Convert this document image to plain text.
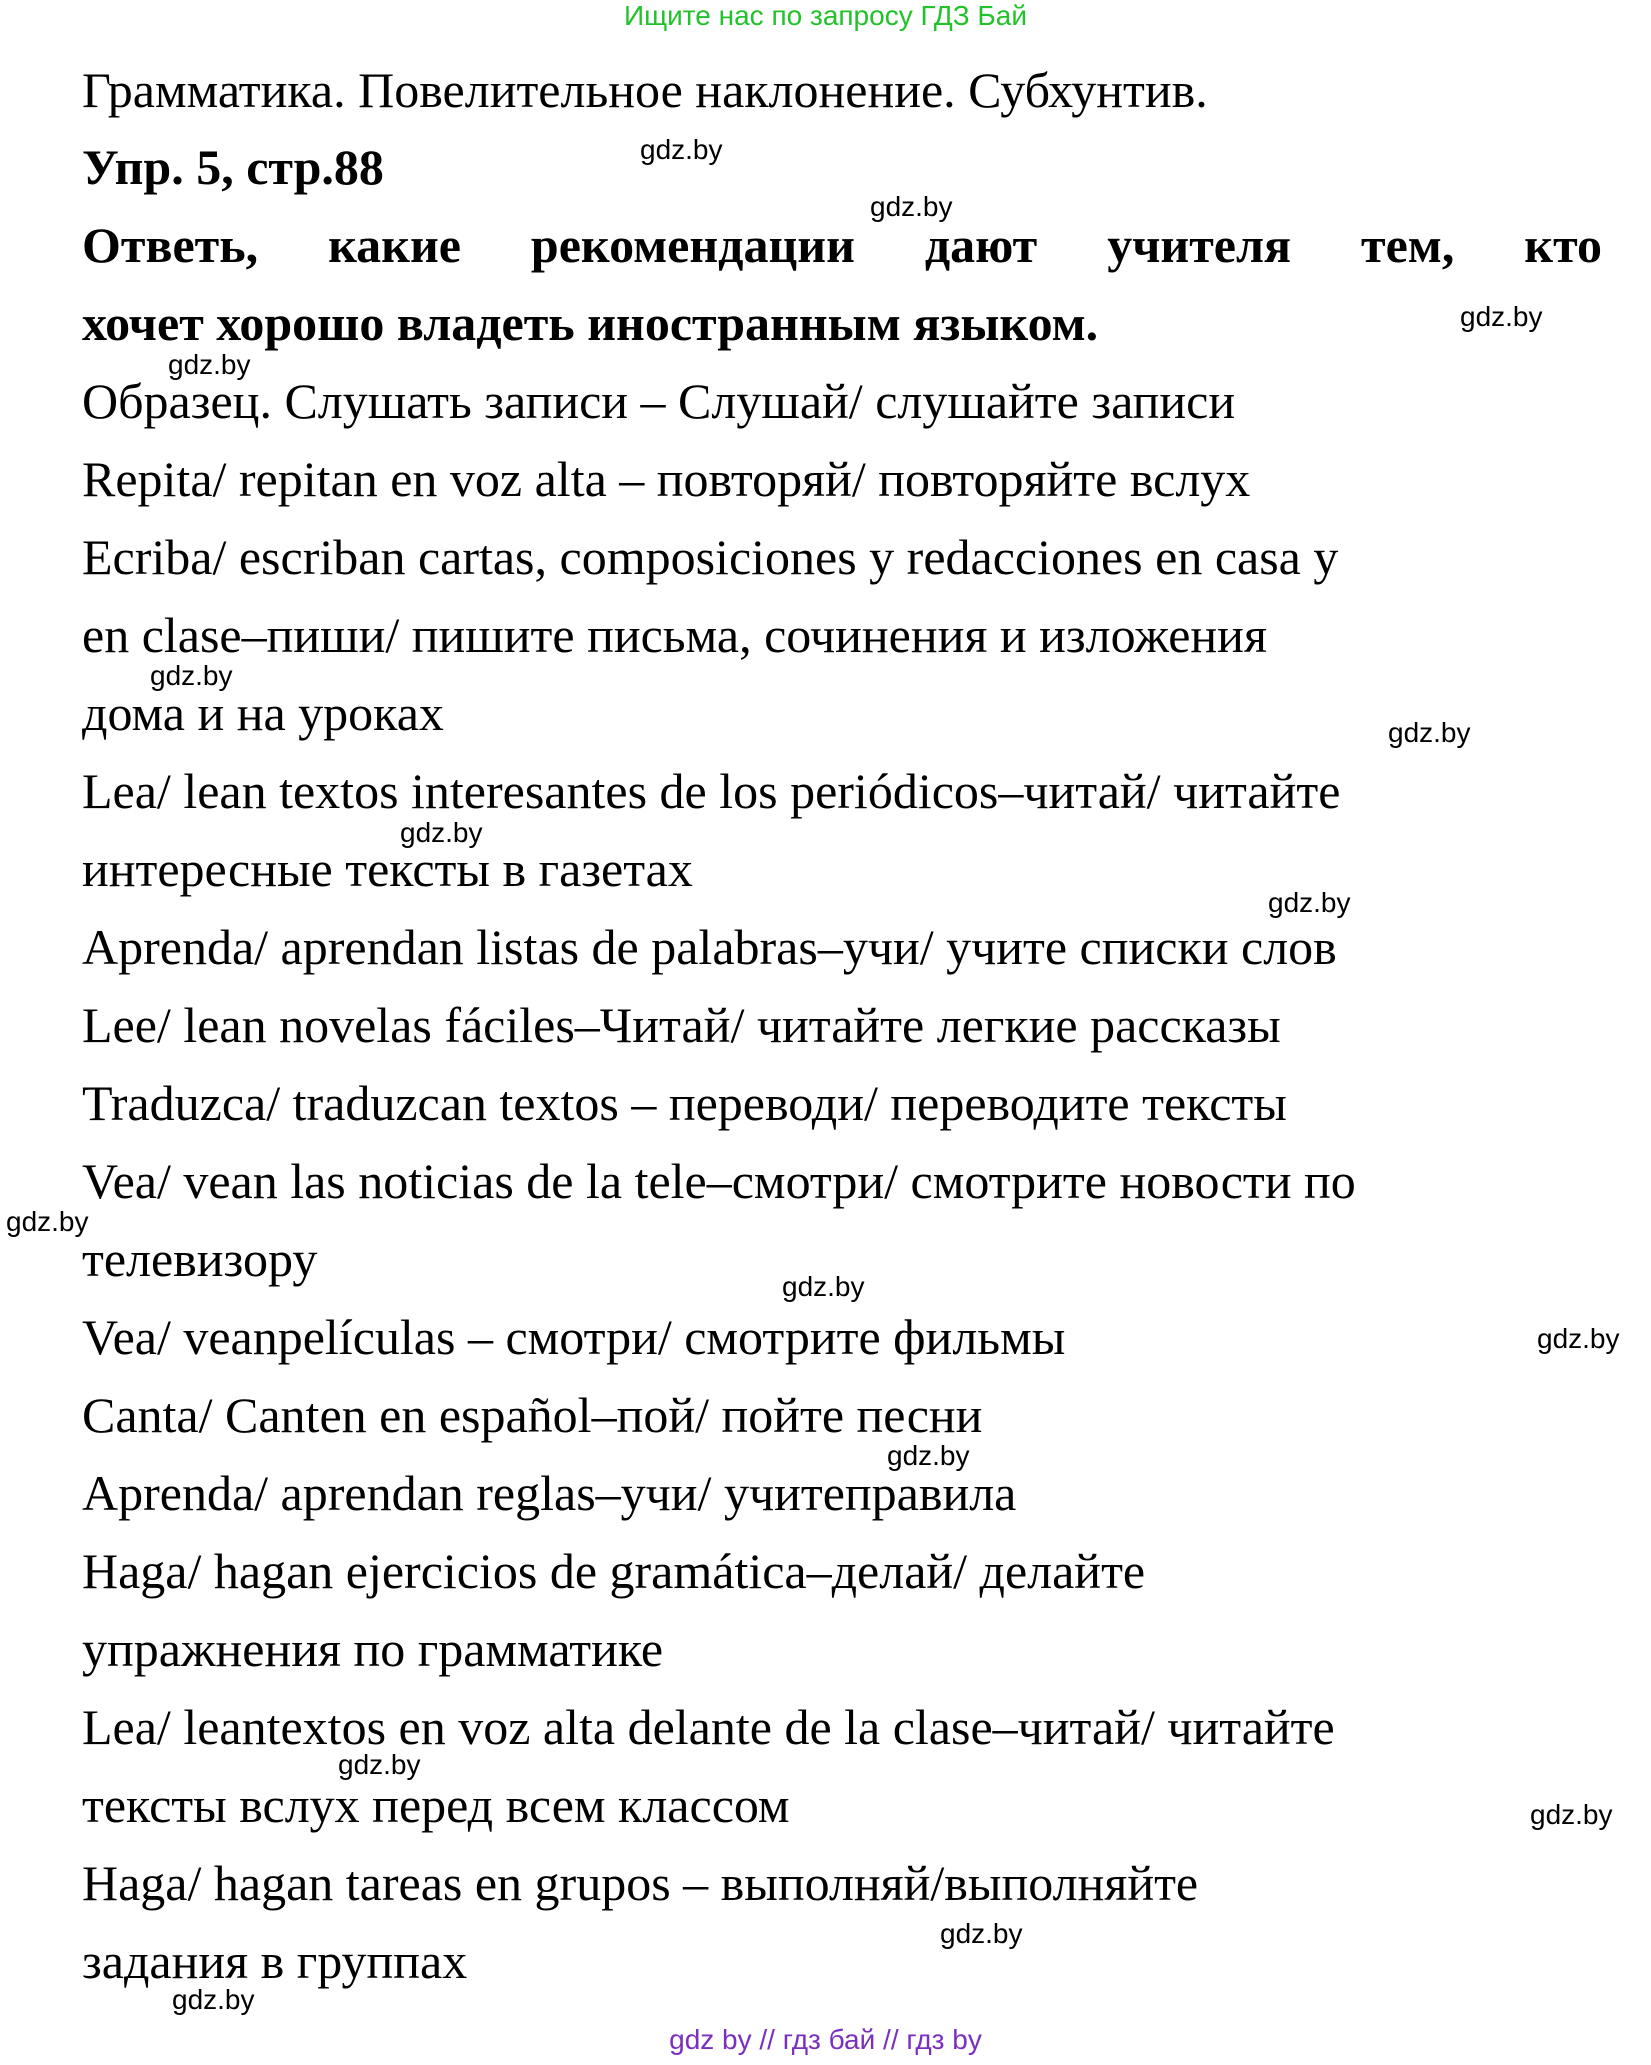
Ищите нас по запросу ГДЗ Бай
Грамматика. Повелительное наклонение. Субхунтив.
Упр. 5, стр.88
Ответь, какие рекомендации дают учителя тем, кто
хочет хорошо владеть иностранным языком.
Образец. Слушать записи – Слушай/ слушайте записи
Repita/ repitan en voz alta – повторяй/ повторяйте вслух
Ecriba/ escriban cartas, composiciones y redacciones en casa y
en clase–пиши/ пишите письма, сочинения и изложения
дома и на уроках
Lea/ lean textos interesantes de los periódicos–читай/ читайте
интересные тексты в газетах
Aprenda/ aprendan listas de palabras–учи/ учите списки слов
Lee/ lean novelas fáciles–Читай/ читайте легкие рассказы
Traduzca/ traduzcan textos – переводи/ переводите тексты
Vea/ vean las noticias de la tele–смотри/ смотрите новости по
телевизору
Vea/ veanpelículas – смотри/ смотрите фильмы
Canta/ Canten en español–пой/ пойте песни
Aprenda/ aprendan reglas–учи/ учитеправила
Haga/ hagan ejercicios de gramática–делай/ делайте
упражнения по грамматике
Lea/ leantextos en voz alta delante de la clase–читай/ читайте
тексты вслух перед всем классом
Haga/ hagan tareas en grupos – выполняй/выполняйте
задания в группах
gdz.by
gdz.by
gdz.by
gdz.by
gdz.by
gdz.by
gdz.by
gdz.by
gdz.by
gdz.by
gdz.by
gdz.by
gdz.by
gdz.by
gdz.by
gdz.by
gdz by // гдз бай // гдз by
